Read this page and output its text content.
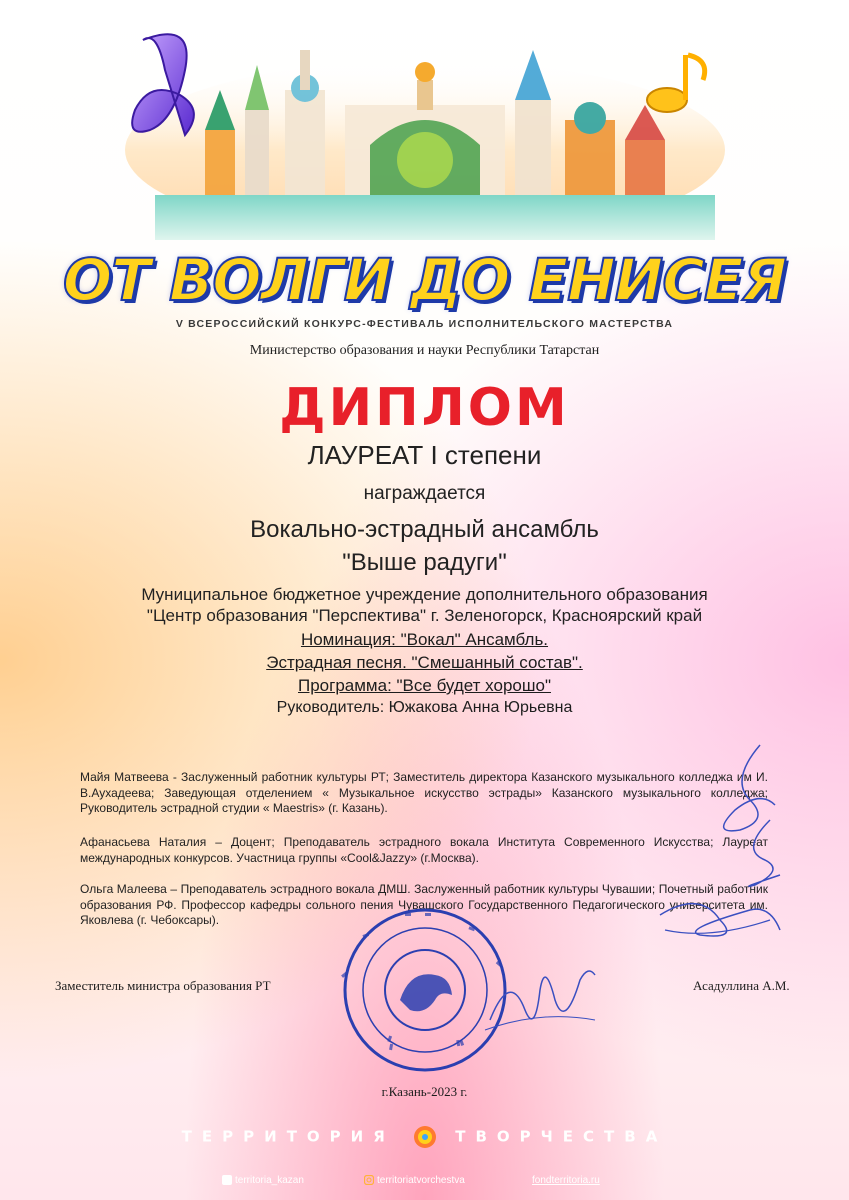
ОТ ВОЛГИ ДО ЕНИСЕЯ
V ВСЕРОССИЙСКИЙ КОНКУРС-ФЕСТИВАЛЬ ИСПОЛНИТЕЛЬСКОГО МАСТЕРСТВА
Министерство образования и науки Республики Татарстан
ДИПЛОМ
ЛАУРЕАТ I степени
награждается
Вокально-эстрадный ансамбль
"Выше радуги"
Муниципальное бюджетное учреждение дополнительного образования
"Центр образования "Перспектива" г. Зеленогорск, Красноярский край
Номинация: "Вокал" Ансамбль.
Эстрадная песня. "Смешанный состав".
Программа: "Все будет хорошо"
Руководитель: Южакова Анна Юрьевна
Майя Матвеева - Заслуженный работник культуры РТ; Заместитель директора Казанского музыкального колледжа им И. В.Аухадеева; Заведующая отделением « Музыкальное искусство эстрады» Казанского музыкального колледжа; Руководитель эстрадной студии « Maestris» (г. Казань).
Афанасьева Наталия – Доцент; Преподаватель эстрадного вокала Института Современного Искусства; Лауреат международных конкурсов. Участница группы «Cool&Jazzy» (г.Москва).
Ольга Малеева – Преподаватель эстрадного вокала ДМШ. Заслуженный работник культуры Чувашии; Почетный работник образования РФ. Профессор кафедры сольного пения Чувашского Государственного Педагогического университета им. Яковлева (г. Чебоксары).
Заместитель министра образования РТ	Асадуллина А.М.
г.Казань-2023 г.
ТЕРРИТОРИЯ	ТВОРЧЕСТВА
territoria_kazan	territoriatvorchestva	fondterritoria.ru
